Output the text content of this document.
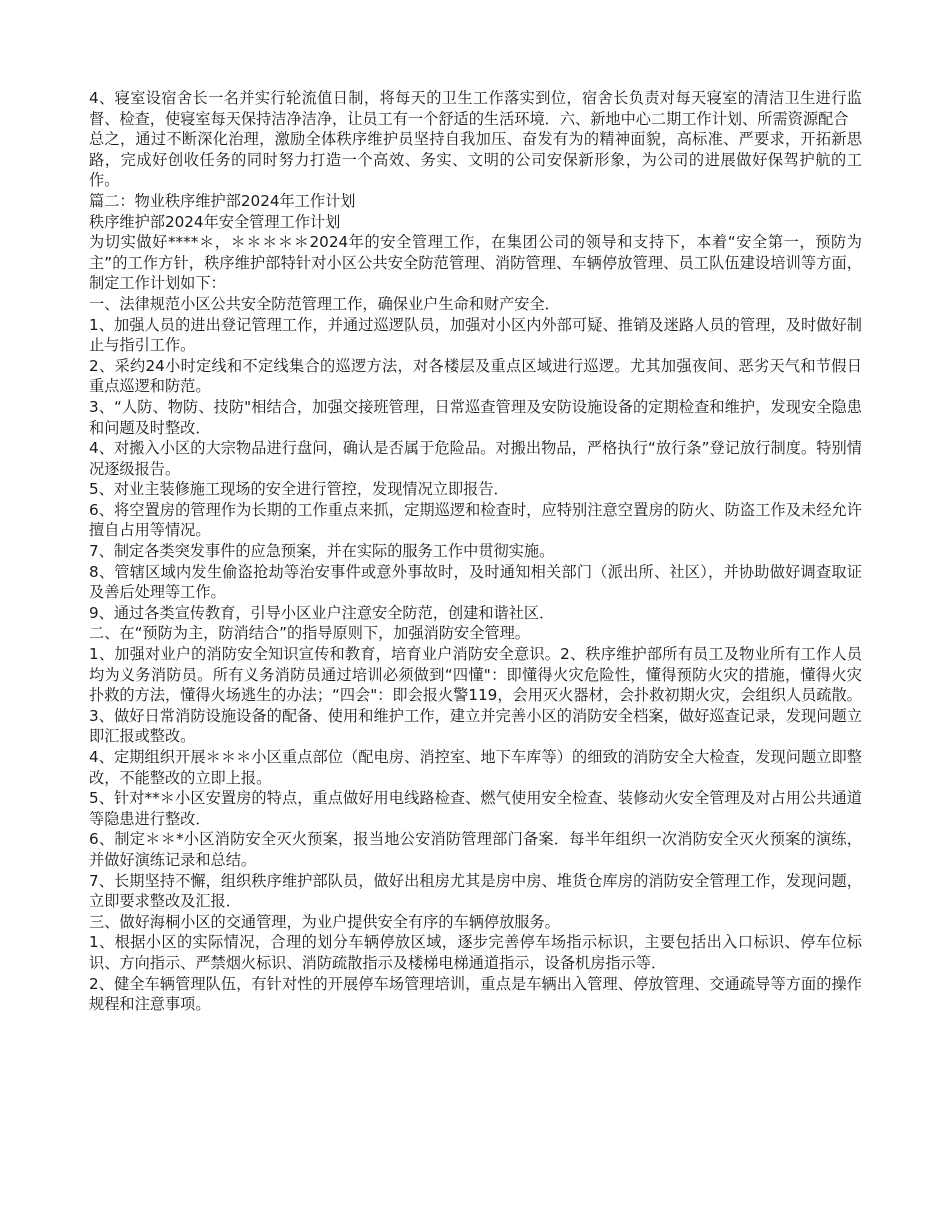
4、寝室设宿舍长一名并实行轮流值日制，将每天的卫生工作落实到位，宿舍长负责对每天寝室的清洁卫生进行监督、检查，使寝室每天保持洁净洁净，让员工有一个舒适的生活环境．六、新地中心二期工作计划、所需资源配合

总之，通过不断深化治理，激励全体秩序维护员坚持自我加压、奋发有为的精神面貌，高标准、严要求，开拓新思路，完成好创收任务的同时努力打造一个高效、务实、文明的公司安保新形象，为公司的进展做好保驾护航的工作。

篇二：物业秩序维护部2024年工作计划

秩序维护部2024年安全管理工作计划

为切实做好****＊，＊＊＊＊＊2024年的安全管理工作，在集团公司的领导和支持下，本着“安全第一，预防为主”的工作方针，秩序维护部特针对小区公共安全防范管理、消防管理、车辆停放管理、员工队伍建设培训等方面，制定工作计划如下：

一、法律规范小区公共安全防范管理工作，确保业户生命和财产安全．

1、加强人员的进出登记管理工作，并通过巡逻队员，加强对小区内外部可疑、推销及迷路人员的管理，及时做好制止与指引工作。

2、采约24小时定线和不定线集合的巡逻方法，对各楼层及重点区域进行巡逻。尤其加强夜间、恶劣天气和节假日重点巡逻和防范。

3、“人防、物防、技防"相结合，加强交接班管理，日常巡查管理及安防设施设备的定期检查和维护，发现安全隐患和问题及时整改．

4、对搬入小区的大宗物品进行盘问，确认是否属于危险品。对搬出物品，严格执行“放行条”登记放行制度。特别情况逐级报告。

5、对业主装修施工现场的安全进行管控，发现情况立即报告．

6、将空置房的管理作为长期的工作重点来抓，定期巡逻和检查时，应特别注意空置房的防火、防盗工作及未经允许擅自占用等情况。

7、制定各类突发事件的应急预案，并在实际的服务工作中贯彻实施。

8、管辖区域内发生偷盗抢劫等治安事件或意外事故时，及时通知相关部门（派出所、社区），并协助做好调查取证及善后处理等工作。

9、通过各类宣传教育，引导小区业户注意安全防范，创建和谐社区．

二、在“预防为主，防消结合”的指导原则下，加强消防安全管理。

1、加强对业户的消防安全知识宣传和教育，培育业户消防安全意识。2、秩序维护部所有员工及物业所有工作人员均为义务消防员。所有义务消防员通过培训必须做到“四懂"：即懂得火灾危险性，懂得预防火灾的措施，懂得火灾扑救的方法，懂得火场逃生的办法；“四会"：即会报火警119，会用灭火器材，会扑救初期火灾，会组织人员疏散。

3、做好日常消防设施设备的配备、使用和维护工作，建立并完善小区的消防安全档案，做好巡查记录，发现问题立即汇报或整改。

4、定期组织开展＊＊＊小区重点部位（配电房、消控室、地下车库等）的细致的消防安全大检查，发现问题立即整改，不能整改的立即上报。

5、针对**＊小区安置房的特点，重点做好用电线路检查、燃气使用安全检查、装修动火安全管理及对占用公共通道等隐患进行整改．

6、制定＊＊*小区消防安全灭火预案，报当地公安消防管理部门备案．每半年组织一次消防安全灭火预案的演练，并做好演练记录和总结。

7、长期坚持不懈，组织秩序维护部队员，做好出租房尤其是房中房、堆货仓库房的消防安全管理工作，发现问题，立即要求整改及汇报．

三、做好海桐小区的交通管理，为业户提供安全有序的车辆停放服务。

1、根据小区的实际情况，合理的划分车辆停放区域，逐步完善停车场指示标识，主要包括出入口标识、停车位标识、方向指示、严禁烟火标识、消防疏散指示及楼梯电梯通道指示，设备机房指示等．

2、健全车辆管理队伍，有针对性的开展停车场管理培训，重点是车辆出入管理、停放管理、交通疏导等方面的操作规程和注意事项。
